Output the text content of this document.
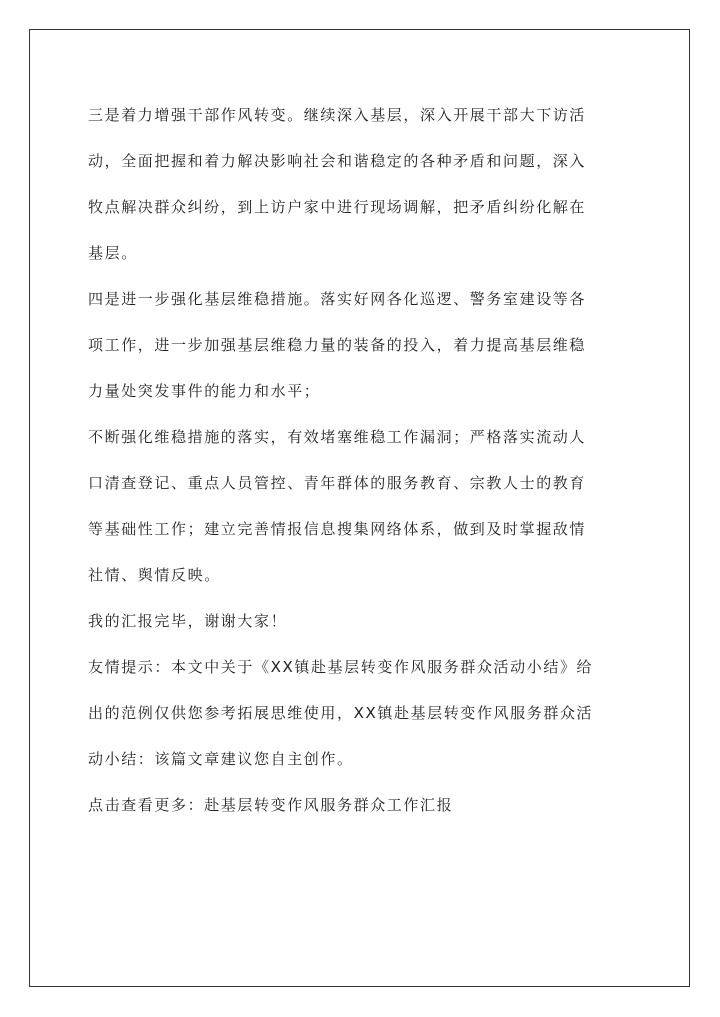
三是着力增强干部作风转变。继续深入基层，深入开展干部大下访活
动，全面把握和着力解决影响社会和谐稳定的各种矛盾和问题，深入
牧点解决群众纠纷，到上访户家中进行现场调解，把矛盾纠纷化解在
基层。
四是进一步强化基层维稳措施。落实好网各化巡逻、警务室建设等各
项工作，进一步加强基层维稳力量的装备的投入，着力提高基层维稳
力量处突发事件的能力和水平；
不断强化维稳措施的落实，有效堵塞维稳工作漏洞；严格落实流动人
口清查登记、重点人员管控、青年群体的服务教育、宗教人士的教育
等基础性工作；建立完善情报信息搜集网络体系，做到及时掌握敌情
社情、舆情反映。
我的汇报完毕，谢谢大家！
友情提示：本文中关于《XX镇赴基层转变作风服务群众活动小结》给
出的范例仅供您参考拓展思维使用，XX镇赴基层转变作风服务群众活
动小结：该篇文章建议您自主创作。
点击查看更多：赴基层转变作风服务群众工作汇报
